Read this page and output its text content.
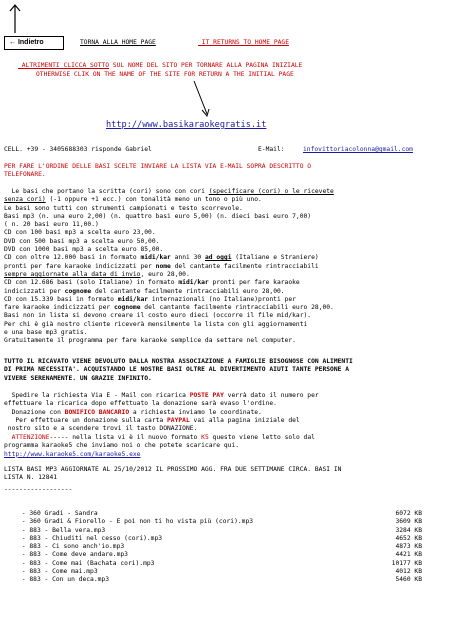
← Indietro	TORNA ALLA HOME PAGE	IT RETURNS TO HOME PAGE
ALTRIMENTI CLICCA SOTTO SUL NOME DEL SITO PER TORNARE ALLA PAGINA INIZIALE
OTHERWISE CLIK ON THE NAME OF THE SITE FOR RETURN A THE INITIAL PAGE
http://www.basikaraokegratis.it
CELL. +39 - 3405688303 risponde Gabriel	E-Mail:	infovittoriacolonna@gmail.com
PER FARE L'ORDINE DELLE BASI SCELTE INVIARE LA LISTA VIA E-MAIL SOPRA DESCRITTO O
TELEFONARE.
Le basi che portano la scritta (cori) sono con cori (specificare (cori) o le ricevete
senza cori) (-1 oppure +1 ecc.) con tonalità meno un tono o più uno.
Le basi sono tutti con strumenti campionati e testo scorrevole.
Basi mp3 (n. una euro 2,00) (n. quattro basi euro 5,00) (n. dieci basi euro 7,00)
( n. 20 basi euro 11,00.)
CD con 100 basi mp3 a scelta euro 23,00.
DVD con 500 basi mp3 a scelta euro 50,00.
DVD con 1000 basi mp3 a scelta euro 85,00.
CD con oltre 12.000 basi in formato midi/kar anni 30 ad oggi (Italiane e Straniere)
pronti per fare karaoke indicizzati per nome del cantante facilmente rintracciabili
sempre aggiornate alla data di invio, euro 28,00.
CD con 12.686 basi (solo Italiane) in formato midi/kar pronti per fare karaoke
indicizzati per cognome del cantante facilmente rintracciabili euro 28,00.
CD con 15.339 basi in formato midi/kar internazionali (no Italiane)pronti per
fare karaoke indicizzati per cognome del cantante facilmente rintracciabili euro 28,00.
Basi non in lista si devono creare il costo euro dieci (occorre il file mid/kar).
Per chi è già nostro cliente riceverà mensilmente la lista con gli aggiornamenti
e una base mp3 gratis.
Gratuitamente il programma per fare karaoke semplice da settare nel computer.
TUTTO IL RICAVATO VIENE DEVOLUTO DALLA NOSTRA ASSOCIAZIONE A FAMIGLIE BISOGNOSE CON ALIMENTI
DI PRIMA NECESSITA'. ACQUISTANDO LE NOSTRE BASI OLTRE AL DIVERTIMENTO AIUTI TANTE PERSONE A
VIVERE SERENAMENTE. UN GRAZIE INFINITO.
Spedire la richiesta Via E - Mail con ricarica POSTE PAY verrà dato il numero per
effettuare la ricarica dopo effettuato la donazione sarà evaso l'ordine.
Donazione con BONIFICO BANCARIO a richiesta inviamo le coordinate.
Per effettuare un donazione sulla carta PAYPAL vai alla pagina iniziale del
nostro sito e a scendere trovi il tasto DONAZIONE.
ATTENZIONE----- nella lista vi è il nuovo formato K5 questo viene letto solo dal
programma karaoke5 che inviamo noi o che potete scaricare qui.
http://www.karaoke5.com/karaoke5.exe
LISTA BASI MP3 AGGIORNATE AL 25/10/2012 IL PROSSIMO AGG. FRA DUE SETTIMANE CIRCA. BASI IN
LISTA N. 12841
------------------
- 360 Gradi - Sandra	6072 KB
- 360 Gradi & Fiorello - E poi non ti ho vista più (cori).mp3	3609 KB
- 883 - Bella vera.mp3	3284 KB
- 883 - Chiuditi nel cesso (cori).mp3	4652 KB
- 883 - Ci sono anch'io.mp3	4873 KB
- 883 - Come deve andare.mp3	4421 KB
- 883 - Come mai (Bachata cori).mp3	10177 KB
- 883 - Come mai.mp3	4012 KB
- 883 - Con un deca.mp3	5460 KB
